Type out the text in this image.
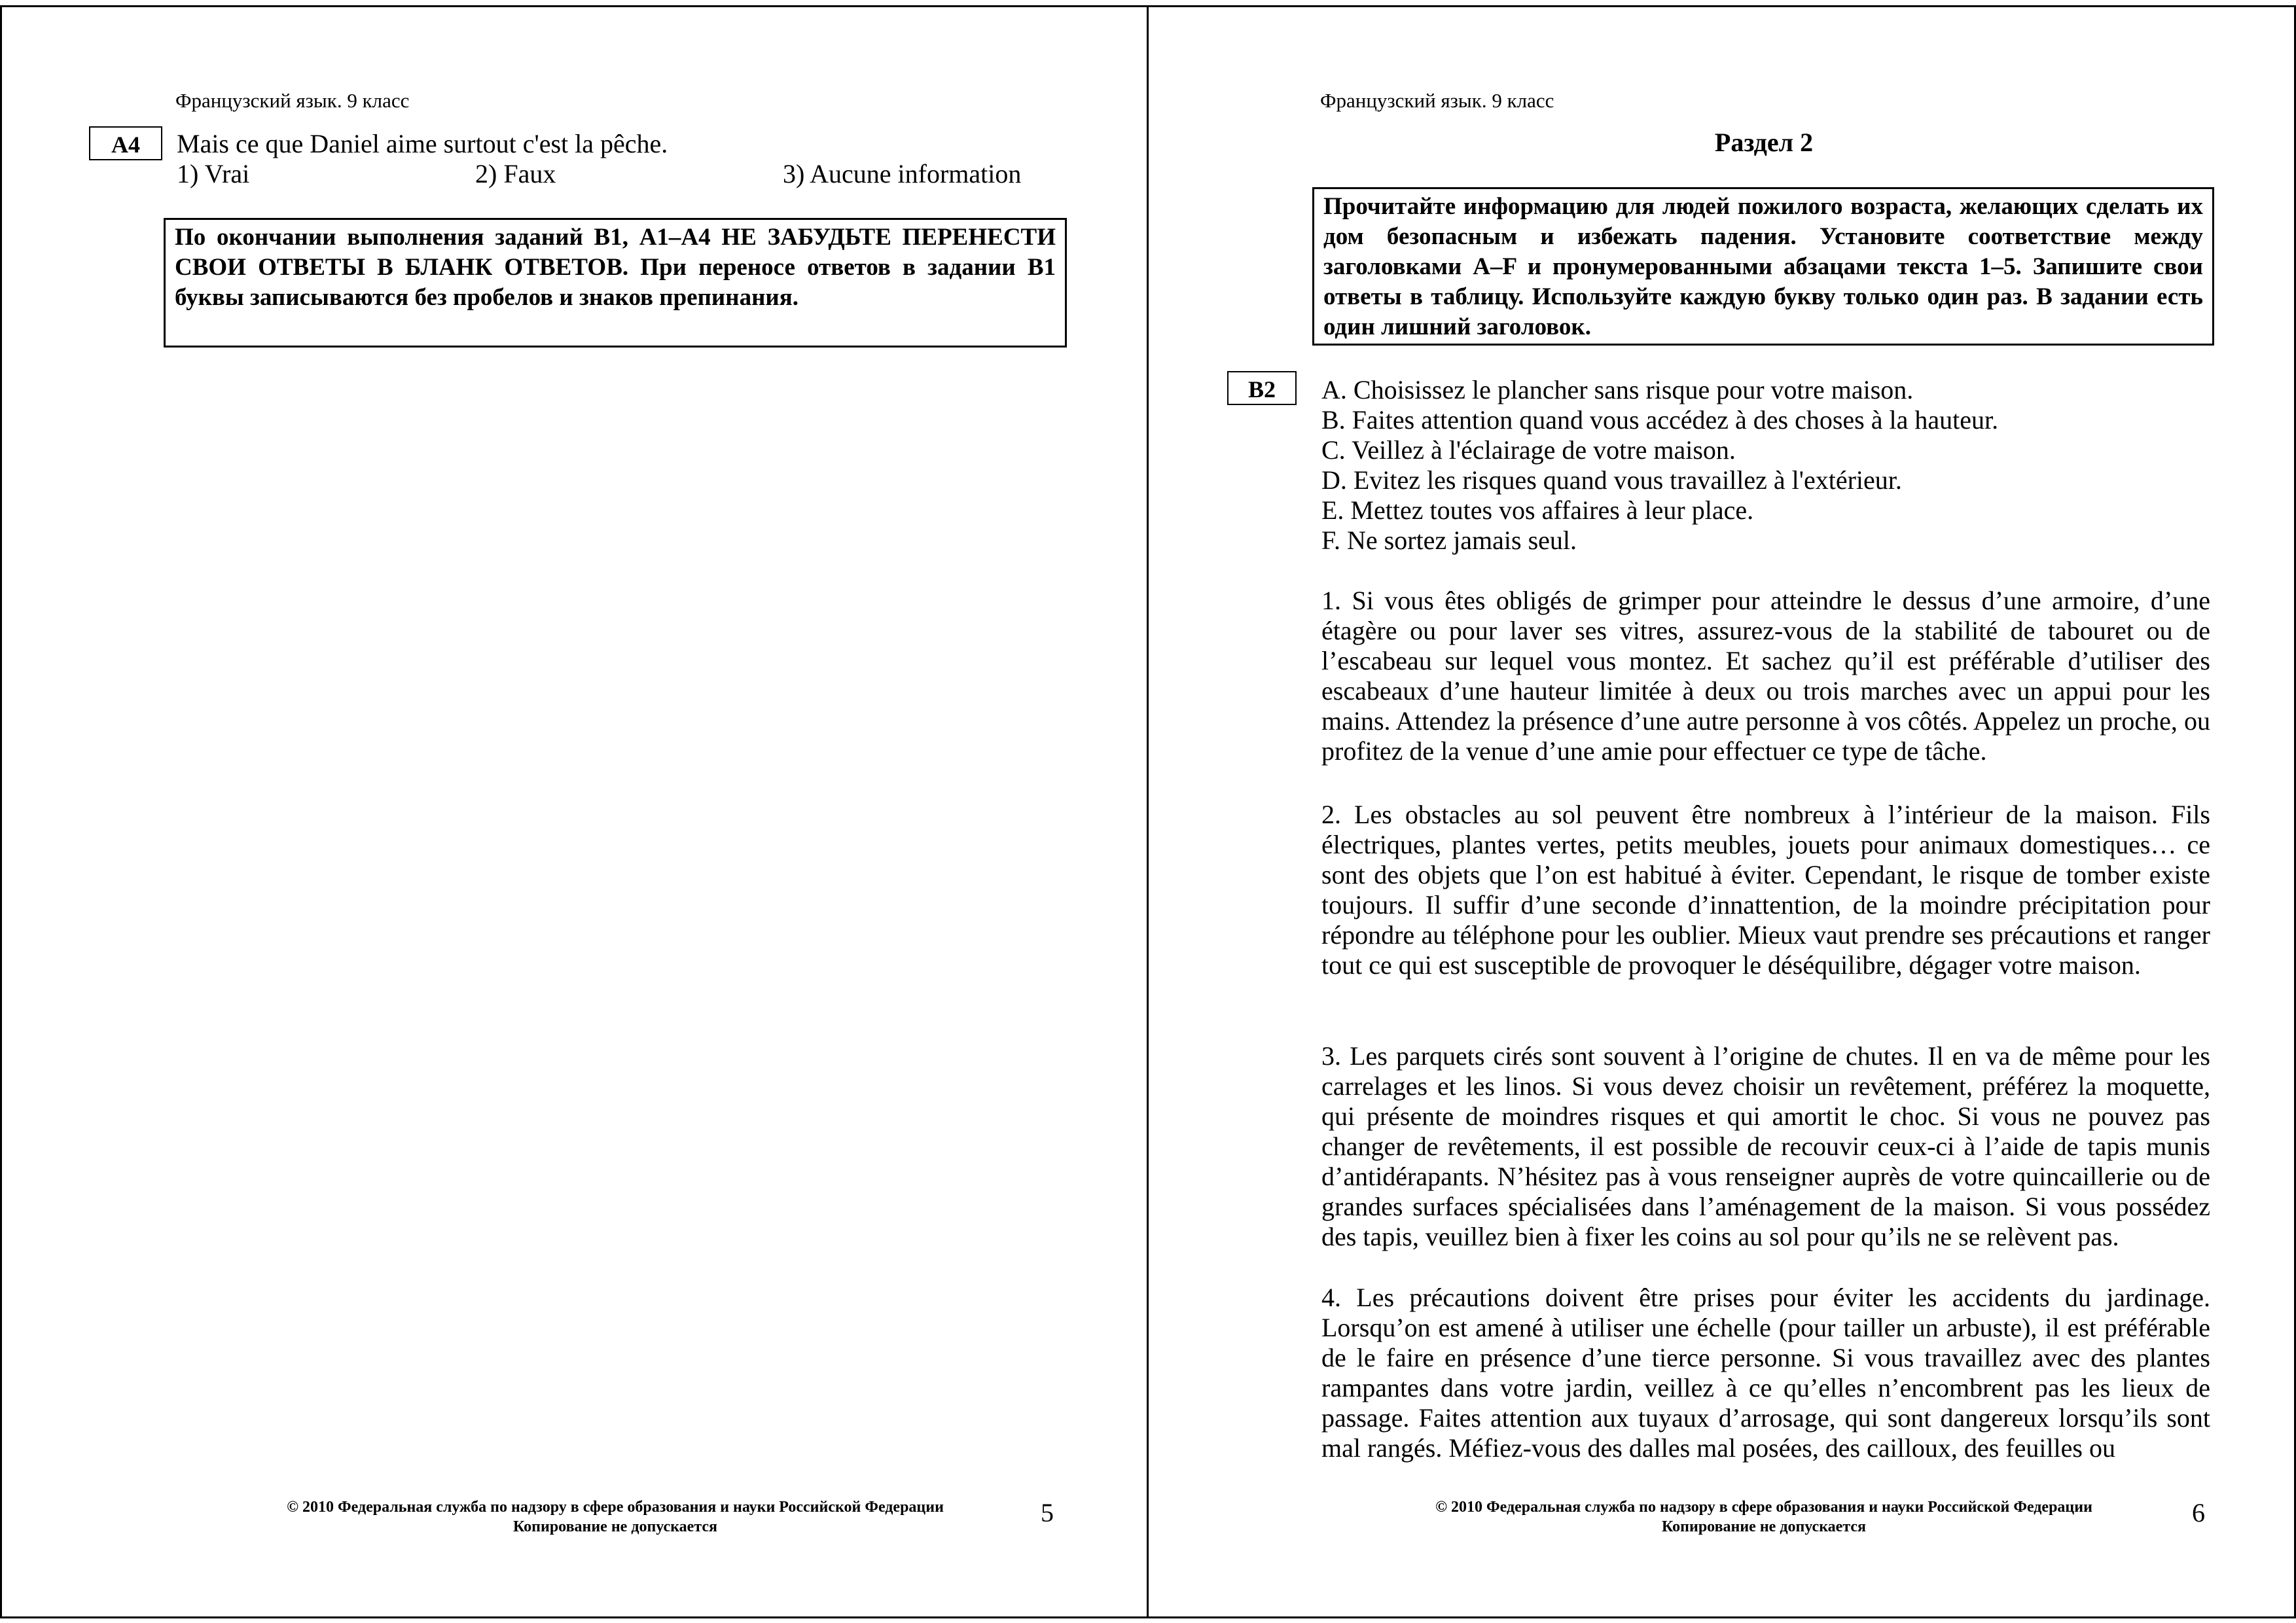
Французский язык. 9 класс
А4	Mais ce que Daniel aime surtout c'est la pêche.
1) Vrai	2) Faux	3) Aucune information
По окончании выполнения заданий В1, А1–А4 НЕ ЗАБУДЬТЕ ПЕРЕНЕСТИ СВОИ ОТВЕТЫ В БЛАНК ОТВЕТОВ. При переносе ответов в задании В1 буквы записываются без пробелов и знаков препинания.
© 2010 Федеральная служба по надзору в сфере образования и науки Российской Федерации
Копирование не допускается	5
Французский язык. 9 класс
Раздел 2
Прочитайте информацию для людей пожилого возраста, желающих сделать их дом безопасным и избежать падения. Установите соответствие между заголовками А–F и пронумерованными абзацами текста 1–5. Запишите свои ответы в таблицу. Используйте каждую букву только один раз. В задании есть один лишний заголовок.
В2	A. Choisissez le plancher sans risque pour votre maison.
B. Faites attention quand vous accédez à des choses à la hauteur.
C. Veillez à l'éclairage de votre maison.
D. Evitez les risques quand vous travaillez à l'extérieur.
E. Mettez toutes vos affaires à leur place.
F. Ne sortez jamais seul.
1. Si vous êtes obligés de grimper pour atteindre le dessus d’une armoire, d’une étagère ou pour laver ses vitres, assurez-vous de la stabilité de tabouret ou de l’escabeau sur lequel vous montez. Et sachez qu’il est préférable d’utiliser des escabeaux d’une hauteur limitée à deux ou trois marches avec un appui pour les mains. Attendez la présence d’une autre personne à vos côtés. Appelez un proche, ou profitez de la venue d’une amie pour effectuer ce type de tâche.
2. Les obstacles au sol peuvent être nombreux à l’intérieur de la maison. Fils électriques, plantes vertes, petits meubles, jouets pour animaux domestiques… ce sont des objets que l’on est habitué à éviter. Cependant, le risque de tomber existe toujours. Il suffir d’une seconde d’innattention, de la moindre précipitation pour répondre au téléphone pour les oublier. Mieux vaut prendre ses précautions et ranger tout ce qui est susceptible de provoquer le déséquilibre, dégager votre maison.
3. Les parquets cirés sont souvent à l’origine de chutes. Il en va de même pour les carrelages et les linos. Si vous devez choisir un revêtement, préférez la moquette, qui présente de moindres risques et qui amortit le choc. Si vous ne pouvez pas changer de revêtements, il est possible de recouvir ceux-ci à l’aide de tapis munis d’antidérapants. N’hésitez pas à vous renseigner auprès de votre quincaillerie ou de grandes surfaces spécialisées dans l’aménagement de la maison. Si vous possédez des tapis, veuillez bien à fixer les coins au sol pour qu’ils ne se relèvent pas.
4. Les précautions doivent être prises pour éviter les accidents du jardinage. Lorsqu’on est amené à utiliser une échelle (pour tailler un arbuste), il est préférable de le faire en présence d’une tierce personne. Si vous travaillez avec des plantes rampantes dans votre jardin, veillez à ce qu’elles n’encombrent pas les lieux de passage. Faites attention aux tuyaux d’arrosage, qui sont dangereux lorsqu’ils sont mal rangés. Méfiez-vous des dalles mal posées, des cailloux, des feuilles ou
© 2010 Федеральная служба по надзору в сфере образования и науки Российской Федерации
Копирование не допускается	6
